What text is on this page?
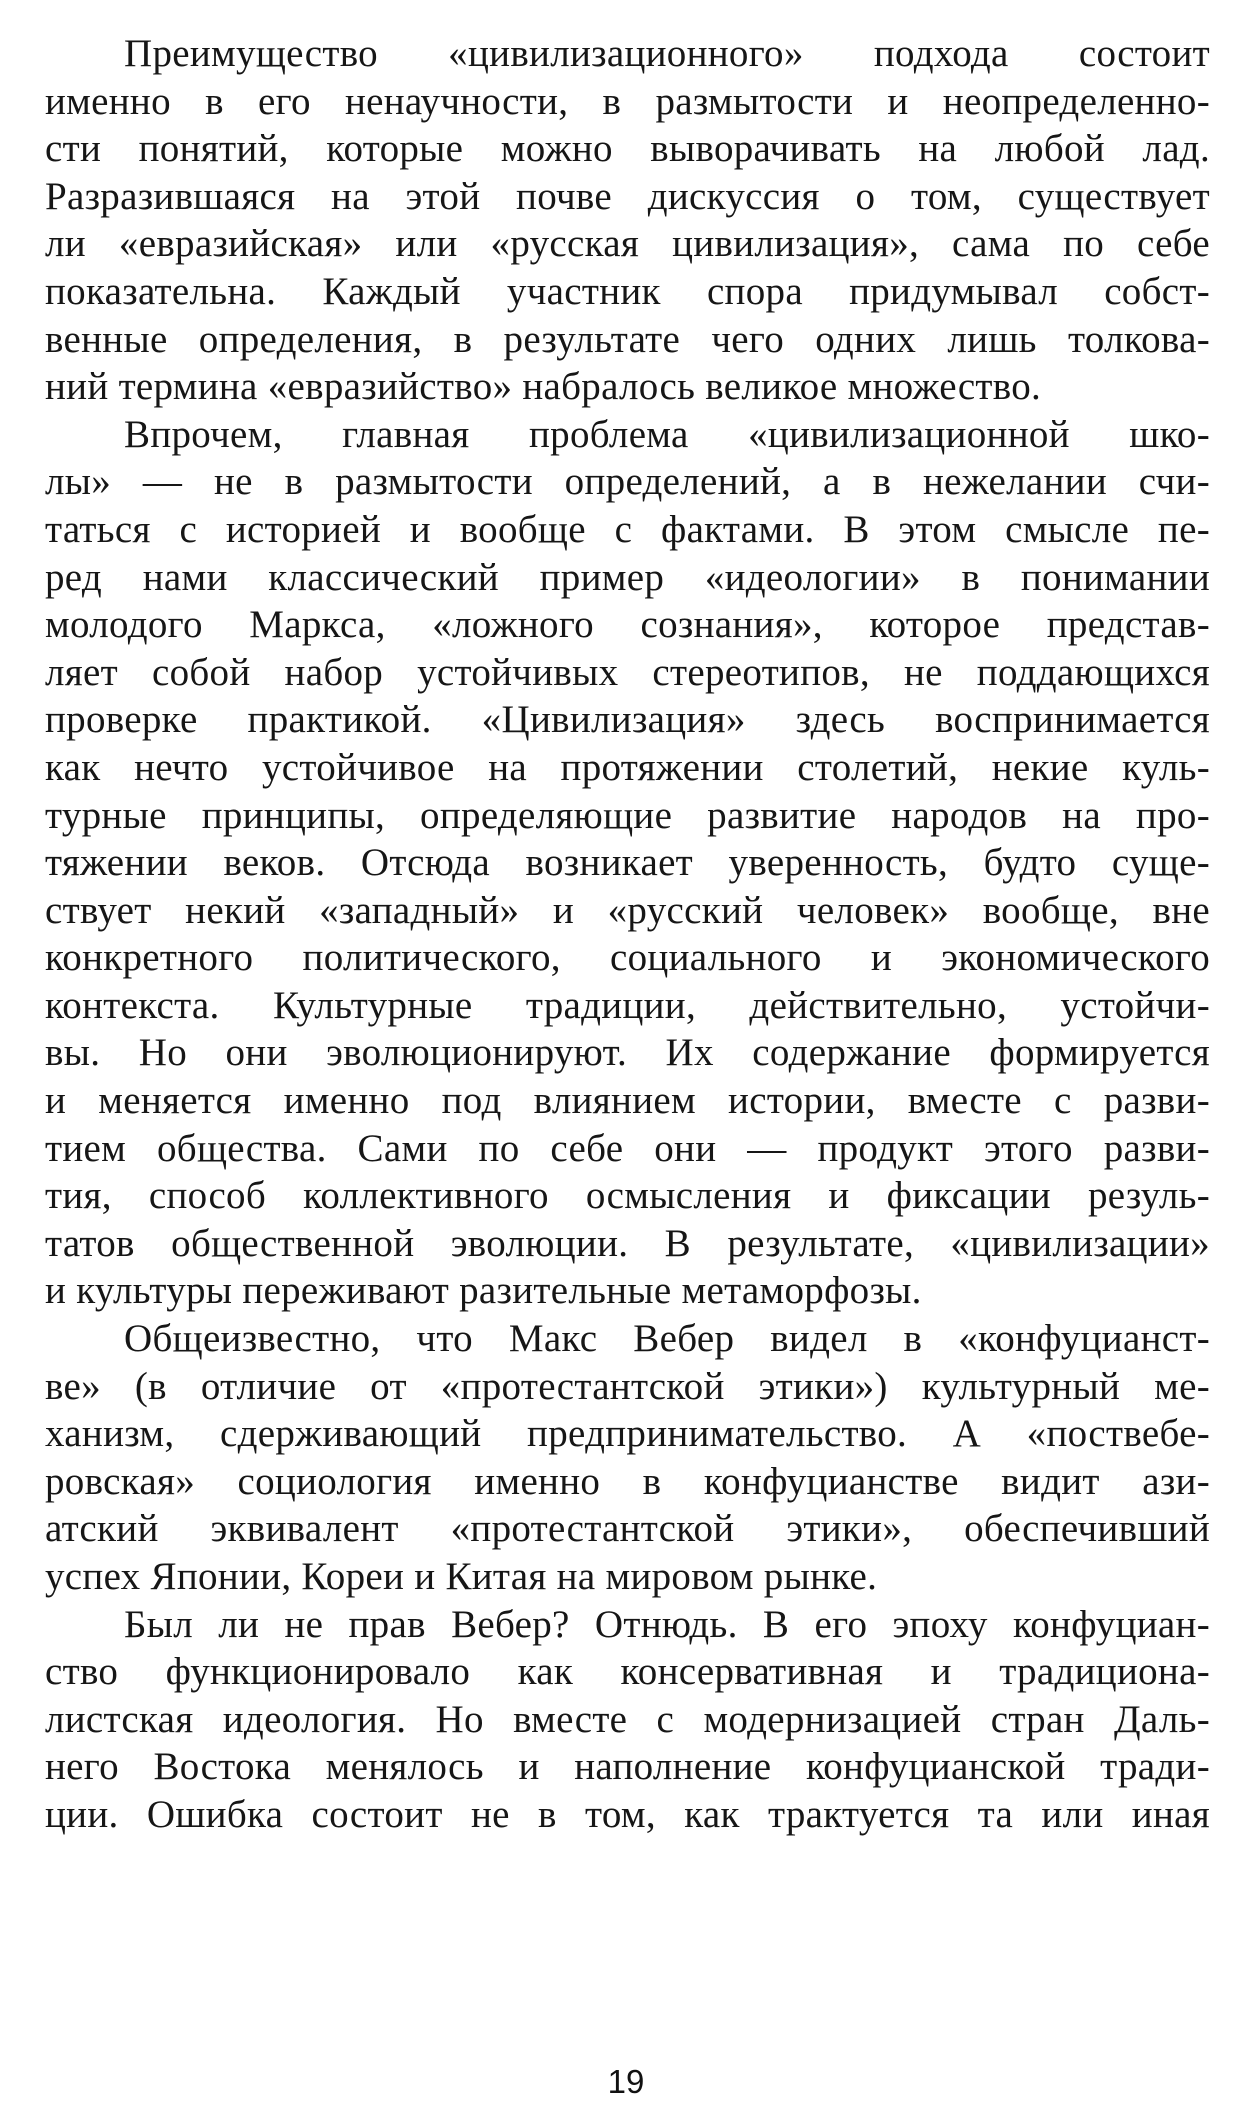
Преимущество «цивилизационного» подхода состоит
именно в его ненаучности, в размытости и неопределенно-
сти понятий, которые можно выворачивать на любой лад.
Разразившаяся на этой почве дискуссия о том, существует
ли «евразийская» или «русская цивилизация», сама по себе
показательна. Каждый участник спора придумывал собст-
венные определения, в результате чего одних лишь толкова-
ний термина «евразийство» набралось великое множество.
Впрочем, главная проблема «цивилизационной шко-
лы» — не в размытости определений, а в нежелании счи-
таться с историей и вообще с фактами. В этом смысле пе-
ред нами классический пример «идеологии» в понимании
молодого Маркса, «ложного сознания», которое представ-
ляет собой набор устойчивых стереотипов, не поддающихся
проверке практикой. «Цивилизация» здесь воспринимается
как нечто устойчивое на протяжении столетий, некие куль-
турные принципы, определяющие развитие народов на про-
тяжении веков. Отсюда возникает уверенность, будто суще-
ствует некий «западный» и «русский человек» вообще, вне
конкретного политического, социального и экономического
контекста. Культурные традиции, действительно, устойчи-
вы. Но они эволюционируют. Их содержание формируется
и меняется именно под влиянием истории, вместе с разви-
тием общества. Сами по себе они — продукт этого разви-
тия, способ коллективного осмысления и фиксации резуль-
татов общественной эволюции. В результате, «цивилизации»
и культуры переживают разительные метаморфозы.
Общеизвестно, что Макс Вебер видел в «конфуцианст-
ве» (в отличие от «протестантской этики») культурный ме-
ханизм, сдерживающий предпринимательство. А «поствебе-
ровская» социология именно в конфуцианстве видит ази-
атский эквивалент «протестантской этики», обеспечивший
успех Японии, Кореи и Китая на мировом рынке.
Был ли не прав Вебер? Отнюдь. В его эпоху конфуциан-
ство функционировало как консервативная и традициона-
листская идеология. Но вместе с модернизацией стран Даль-
него Востока менялось и наполнение конфуцианской тради-
ции. Ошибка состоит не в том, как трактуется та или иная
19
